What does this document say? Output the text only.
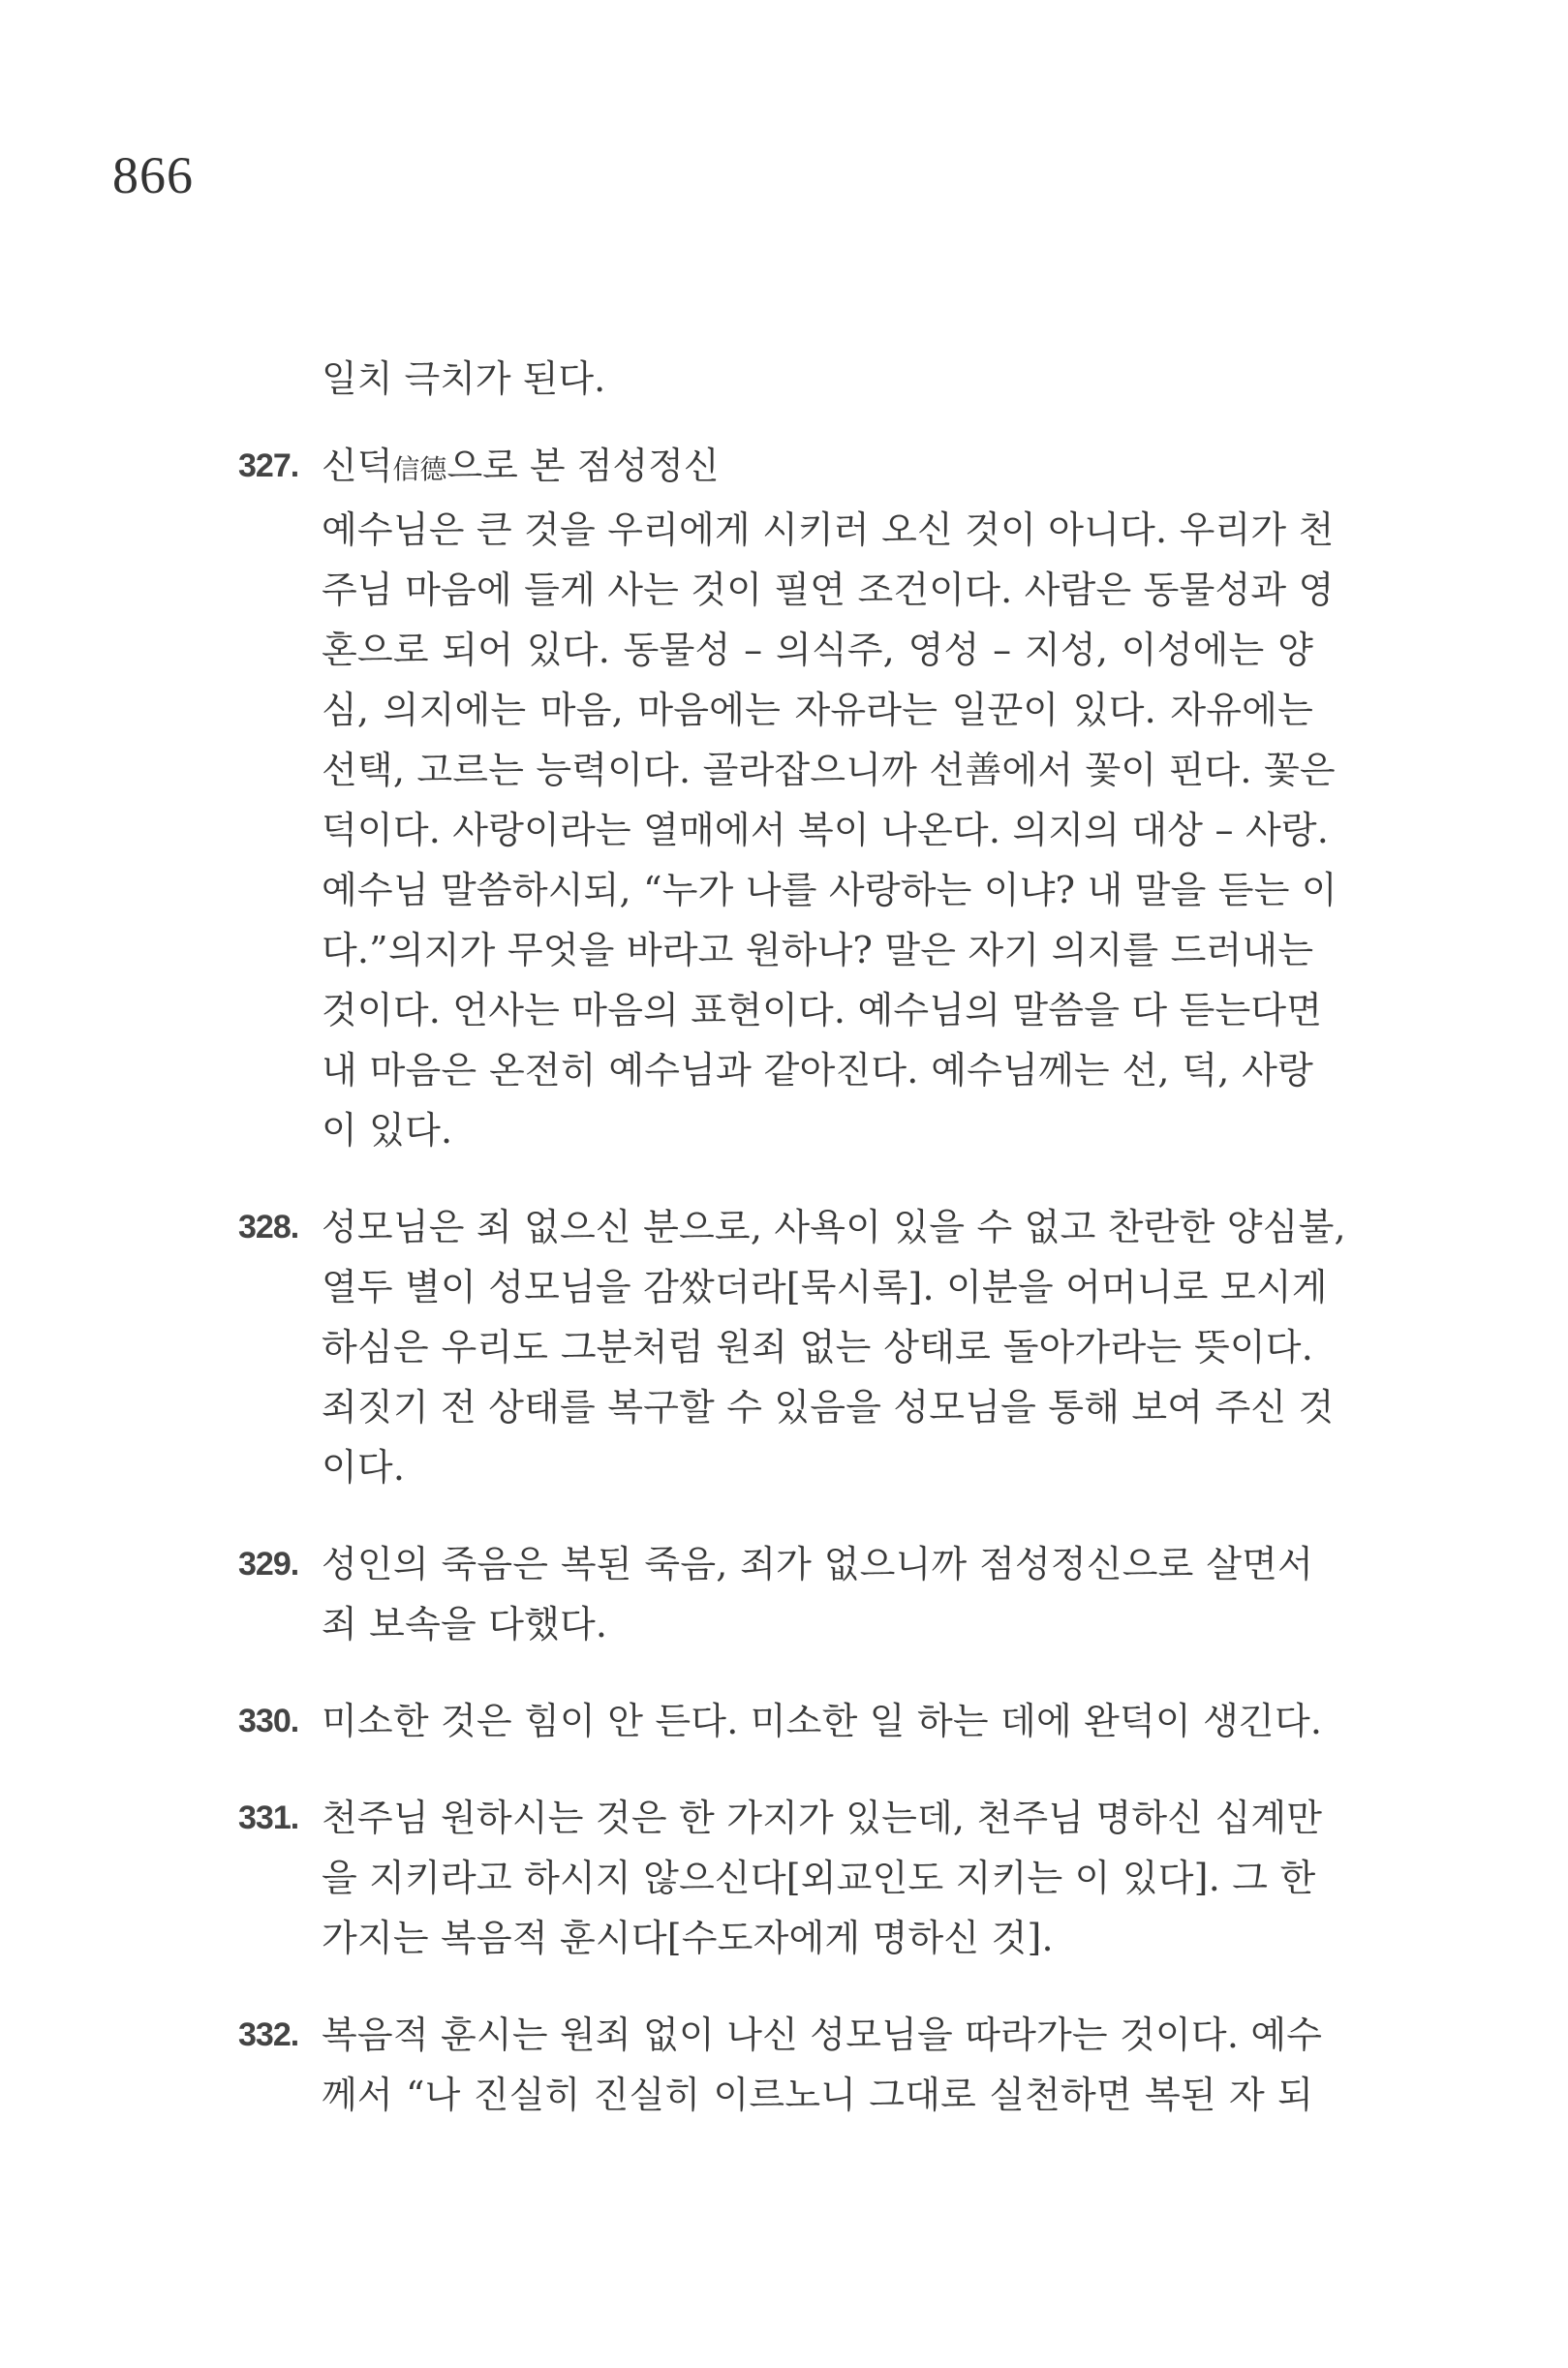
866

일치 극치가 된다.

327. 신덕信德으로 본 점성정신
예수님은 큰 것을 우리에게 시키러 오신 것이 아니다. 우리가 천
주님 마음에 들게 사는 것이 필연 조건이다. 사람은 동물성과 영
혼으로 되어 있다. 동물성 – 의식주, 영성 – 지성, 이성에는 양
심, 의지에는 마음, 마음에는 자유라는 일꾼이 있다. 자유에는
선택, 고르는 능력이다. 골라잡으니까 선善에서 꽃이 핀다. 꽃은
덕이다. 사랑이라는 열매에서 복이 나온다. 의지의 대상 – 사랑.
예수님 말씀하시되, “누가 나를 사랑하는 이냐? 내 말을 듣는 이
다.”의지가 무엇을 바라고 원하나? 말은 자기 의지를 드러내는
것이다. 언사는 마음의 표현이다. 예수님의 말씀을 다 듣는다면
내 마음은 온전히 예수님과 같아진다. 예수님께는 선, 덕, 사랑
이 있다.
328. 성모님은 죄 없으신 분으로, 사욕이 있을 수 없고 찬란한 양심불,
열두 별이 성모님을 감쌌더라[묵시록]. 이분을 어머니로 모시게
하심은 우리도 그분처럼 원죄 없는 상태로 돌아가라는 뜻이다.
죄짓기 전 상태를 복구할 수 있음을 성모님을 통해 보여 주신 것
이다.
329. 성인의 죽음은 복된 죽음, 죄가 없으니까 점성정신으로 살면서
죄 보속을 다했다.
330. 미소한 것은 힘이 안 든다. 미소한 일 하는 데에 완덕이 생긴다.
331. 천주님 원하시는 것은 한 가지가 있는데, 천주님 명하신 십계만
을 지키라고 하시지 않으신다[외교인도 지키는 이 있다]. 그 한
가지는 복음적 훈시다[수도자에게 명하신 것].
332. 복음적 훈시는 원죄 없이 나신 성모님을 따라가는 것이다. 예수
께서 “나 진실히 진실히 이르노니 그대로 실천하면 복된 자 되
